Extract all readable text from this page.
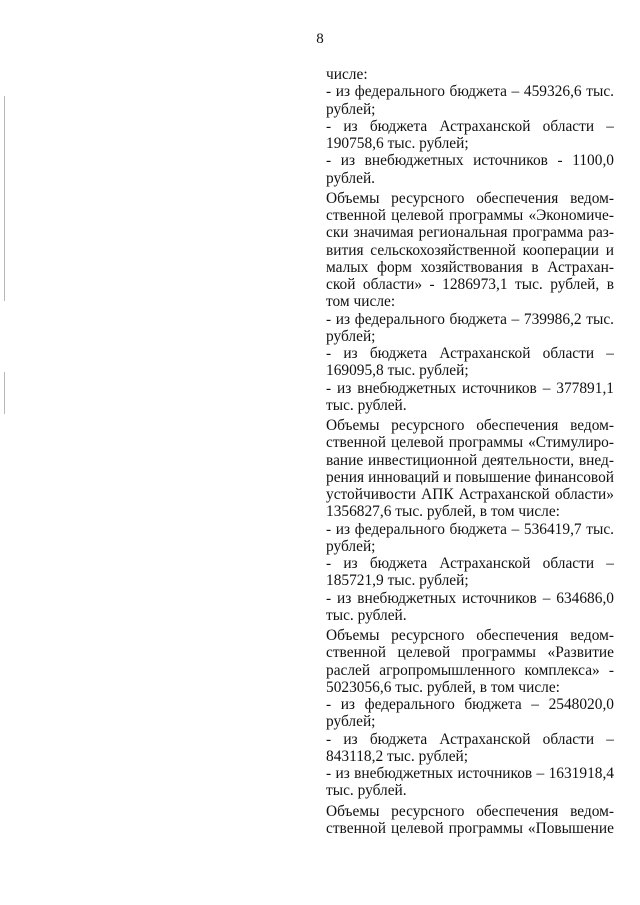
8
числе:
- из федерального бюджета – 459326,6 тыс.
рублей;
- из бюджета Астраханской области –
190758,6 тыс. рублей;
- из внебюджетных источников - 1100,0
рублей.
Объемы ресурсного обеспечения ведом-
ственной целевой программы «Экономиче-
ски значимая региональная программа раз-
вития сельскохозяйственной кооперации и
малых форм хозяйствования в Астрахан-
ской области» - 1286973,1 тыс. рублей, в
том числе:
- из федерального бюджета – 739986,2 тыс.
рублей;
- из бюджета Астраханской области –
169095,8 тыс. рублей;
- из внебюджетных источников – 377891,1
тыс. рублей.
Объемы ресурсного обеспечения ведом-
ственной целевой программы «Стимулиро-
вание инвестиционной деятельности, внед-
рения инноваций и повышение финансовой
устойчивости АПК Астраханской области»
1356827,6 тыс. рублей, в том числе:
- из федерального бюджета – 536419,7 тыс.
рублей;
- из бюджета Астраханской области –
185721,9 тыс. рублей;
- из внебюджетных источников – 634686,0
тыс. рублей.
Объемы ресурсного обеспечения ведом-
ственной целевой программы «Развитие
раслей агропромышленного комплекса» -
5023056,6 тыс. рублей, в том числе:
- из федерального бюджета – 2548020,0
рублей;
- из бюджета Астраханской области –
843118,2 тыс. рублей;
- из внебюджетных источников – 1631918,4
тыс. рублей.
Объемы ресурсного обеспечения ведом-
ственной целевой программы «Повышение
